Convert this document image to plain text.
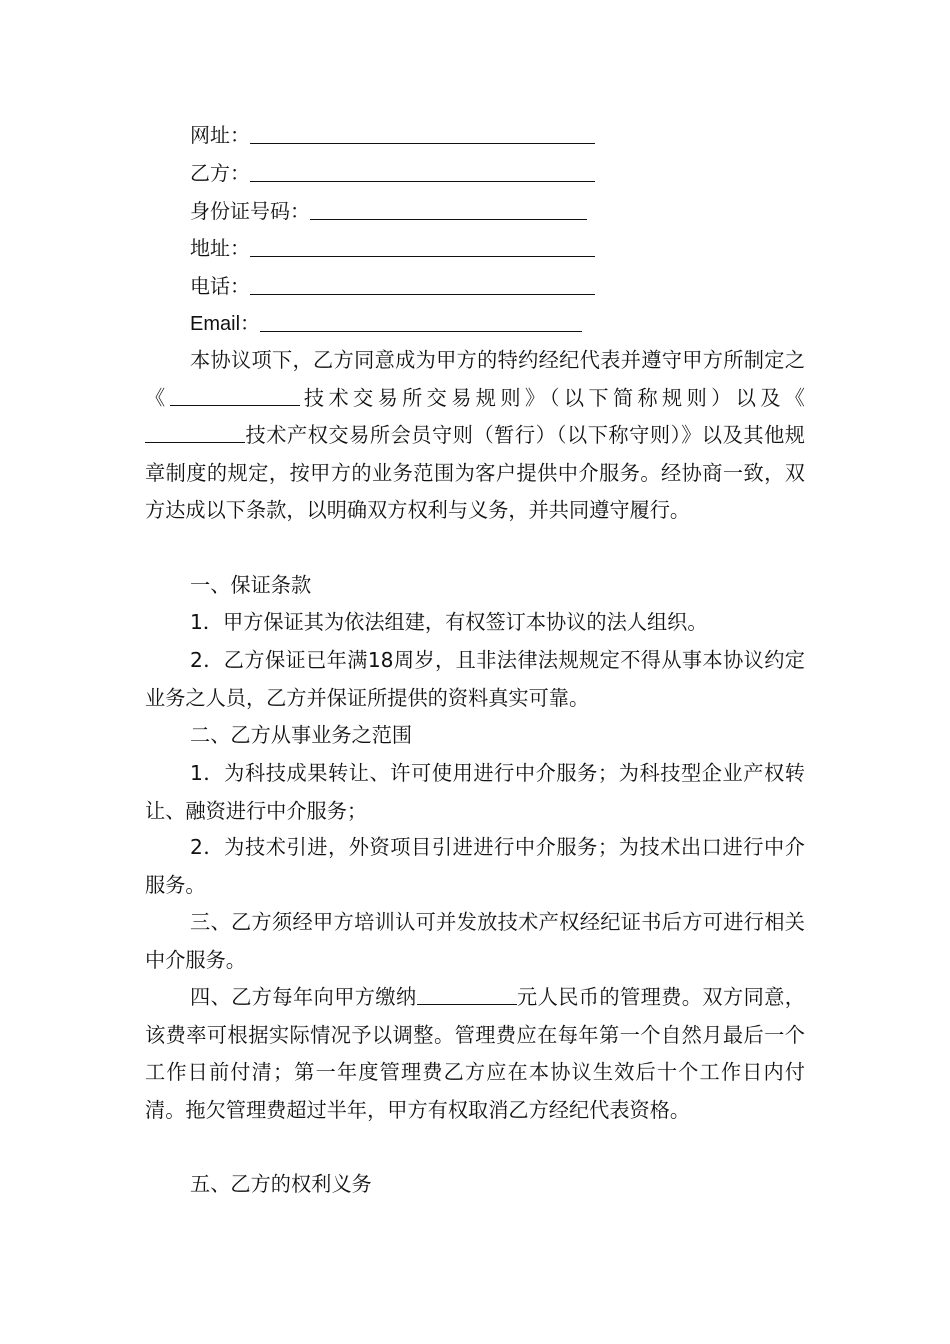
网址：
乙方：
身份证号码：
地址：
电话：
Email：

本协议项下，乙方同意成为甲方的特约经纪代表并遵守甲方所制定之《	技术交易所交易规则》（以下简称规则）以及《技术产权交易所会员守则（暂行）（以下称守则）》以及其他规章制度的规定，按甲方的业务范围为客户提供中介服务。经协商一致，双方达成以下条款，以明确双方权利与义务，并共同遵守履行。

一、保证条款

1．甲方保证其为依法组建，有权签订本协议的法人组织。

2．乙方保证已年满18周岁，且非法律法规规定不得从事本协议约定业务之人员，乙方并保证所提供的资料真实可靠。

二、乙方从事业务之范围

1．为科技成果转让、许可使用进行中介服务；为科技型企业产权转让、融资进行中介服务；

2．为技术引进，外资项目引进进行中介服务；为技术出口进行中介服务。

三、乙方须经甲方培训认可并发放技术产权经纪证书后方可进行相关中介服务。

四、乙方每年向甲方缴纳	元人民币的管理费。双方同意，该费率可根据实际情况予以调整。管理费应在每年第一个自然月最后一个工作日前付清；第一年度管理费乙方应在本协议生效后十个工作日内付清。拖欠管理费超过半年，甲方有权取消乙方经纪代表资格。

五、乙方的权利义务
